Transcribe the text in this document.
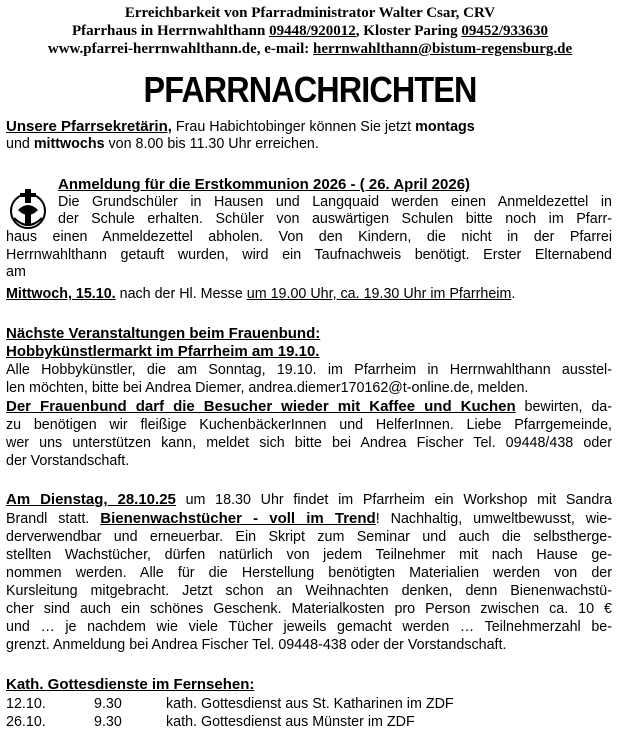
Erreichbarkeit von Pfarradministrator Walter Csar, CRV
Pfarrhaus in Herrnwahlthann 09448/920012, Kloster Paring 09452/933630
www.pfarrei-herrnwahlthann.de, e-mail: herrnwahlthann@bistum-regensburg.de
PFARRNACHRICHTEN
Unsere Pfarrsekretärin, Frau Habichtobinger können Sie jetzt montags
und mittwochs von 8.00 bis 11.30 Uhr erreichen.
Anmeldung für die Erstkommunion 2026 - ( 26. April 2026)
Die Grundschüler in Hausen und Langquaid werden einen Anmeldezettel in
der Schule erhalten. Schüler von auswärtigen Schulen bitte noch im Pfarr-
haus einen Anmeldezettel abholen. Von den Kindern, die nicht in der Pfarrei
Herrnwahlthann getauft wurden, wird ein Taufnachweis benötigt. Erster Elternabend
am
Mittwoch, 15.10. nach der Hl. Messe um 19.00 Uhr, ca. 19.30 Uhr im Pfarrheim.
Nächste Veranstaltungen beim Frauenbund:
Hobbykünstlermarkt im Pfarrheim am 19.10.
Alle Hobbykünstler, die am Sonntag, 19.10. im Pfarrheim in Herrnwahlthann ausstel-
len möchten, bitte bei Andrea Diemer, andrea.diemer170162@t-online.de, melden.
Der Frauenbund darf die Besucher wieder mit Kaffee und Kuchen bewirten, da-
zu benötigen wir fleißige KuchenbäckerInnen und HelferInnen. Liebe Pfarrgemeinde,
wer uns unterstützen kann, meldet sich bitte bei Andrea Fischer Tel. 09448/438 oder
der Vorstandschaft.
Am Dienstag, 28.10.25 um 18.30 Uhr findet im Pfarrheim ein Workshop mit Sandra
Brandl statt. Bienenwachstücher - voll im Trend! Nachhaltig, umweltbewusst, wie-
derverwendbar und erneuerbar. Ein Skript zum Seminar und auch die selbstherge-
stellten Wachstücher, dürfen natürlich von jedem Teilnehmer mit nach Hause ge-
nommen werden. Alle für die Herstellung benötigten Materialien werden von der
Kursleitung mitgebracht. Jetzt schon an Weihnachten denken, denn Bienenwachstü-
cher sind auch ein schönes Geschenk. Materialkosten pro Person zwischen ca. 10 €
und … je nachdem wie viele Tücher jeweils gemacht werden … Teilnehmerzahl be-
grenzt. Anmeldung bei Andrea Fischer Tel. 09448-438 oder der Vorstandschaft.
Kath. Gottesdienste im Fernsehen:
12.10.	9.30	kath. Gottesdienst aus St. Katharinen im ZDF
26.10.	9.30	kath. Gottesdienst aus Münster im ZDF
